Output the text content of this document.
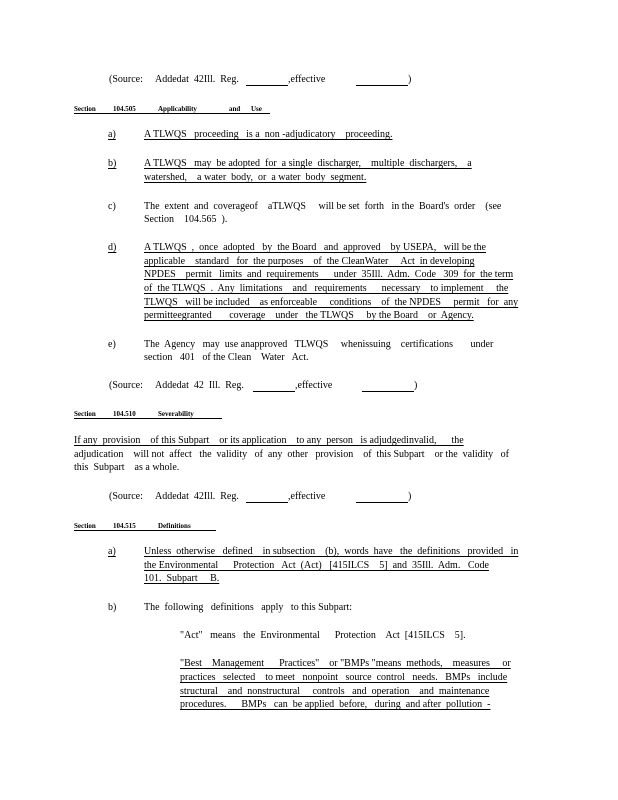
(Source: Addedat  42Ill.  Reg.	,effective	)
Section 104.505	Applicability	and Use
a)	A TLWQS   proceeding   is a  non -adjudicatory    proceeding.
b)	A TLWQS   may  be adopted  for  a single  discharger,    multiple  dischargers,    a
watershed,    a water  body,  or  a water  body  segment.
c)	The  extent  and  coverageof    aTLWQS     will be set  forth   in the  Board's  order    (see
Section    104.565  ).
d)	A TLWQS  ,  once  adopted   by  the Board   and  approved    by USEPA,   will be the
applicable    standard   for  the purposes    of  the CleanWater     Act  in developing
NPDES    permit   limits  and  requirements      under  35Ill.  Adm.  Code   309  for  the term
of  the TLWQS  .  Any  limitations    and   requirements      necessary    to implement     the
TLWQS   will be included    as enforceable     conditions    of  the NPDES     permit   for  any
permitteegranted       coverage    under   the TLWQS     by the Board    or  Agency.
e)	The  Agency   may  use anapproved   TLWQS     whenissuing    certifications       under
section   401   of the Clean    Water   Act.
(Source: Addedat  42  Ill.  Reg.	,effective	)
Section 104.510	Severability
If any  provision    of this Subpart    or its application    to any  person   is adjudgedinvalid,      the
adjudication    will not  affect   the  validity   of  any  other   provision    of  this Subpart    or the  validity   of
this  Subpart    as a whole.
(Source: Addedat  42Ill.  Reg.	,effective	)
Section 104.515	Definitions
a)	Unless  otherwise   defined    in subsection    (b),  words  have   the  definitions   provided   in
the Environmental      Protection   Act  (Act)   [415ILCS    5]  and  35Ill.  Adm.   Code
101.  Subpart     B.
b)	The  following   definitions   apply   to this Subpart:
"Act"   means   the  Environmental      Protection    Act  [415ILCS    5].
"Best    Management      Practices"    or "BMPs "means  methods,    measures     or
practices   selected    to meet   nonpoint   source  control   needs.   BMPs   include
structural    and  nonstructural     controls   and  operation    and  maintenance
procedures.      BMPs   can  be applied  before,   during  and after  pollution  -
